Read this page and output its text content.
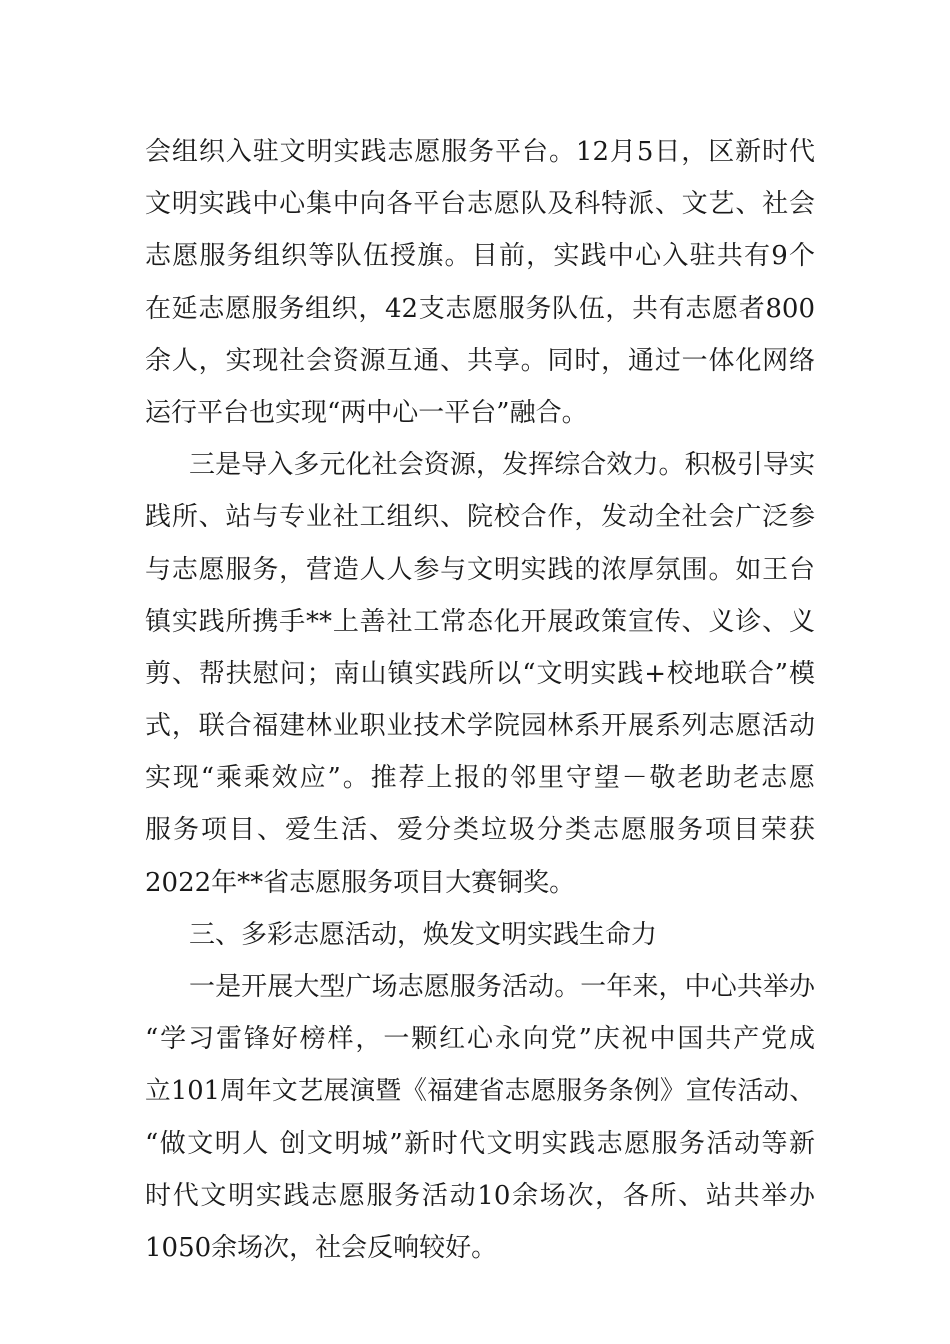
会组织入驻文明实践志愿服务平台。12月5日，区新时代
文明实践中心集中向各平台志愿队及科特派、文艺、社会
志愿服务组织等队伍授旗。目前，实践中心入驻共有9个
在延志愿服务组织，42支志愿服务队伍，共有志愿者800
余人，实现社会资源互通、共享。同时，通过一体化网络
运行平台也实现“两中心一平台”融合。
三是导入多元化社会资源，发挥综合效力。积极引导实
践所、站与专业社工组织、院校合作，发动全社会广泛参
与志愿服务，营造人人参与文明实践的浓厚氛围。如王台
镇实践所携手**上善社工常态化开展政策宣传、义诊、义
剪、帮扶慰问；南山镇实践所以“文明实践+校地联合”模
式，联合福建林业职业技术学院园林系开展系列志愿活动
实现“乘乘效应”。推荐上报的邻里守望－敬老助老志愿
服务项目、爱生活、爱分类垃圾分类志愿服务项目荣获
2022年**省志愿服务项目大赛铜奖。
三、多彩志愿活动，焕发文明实践生命力
一是开展大型广场志愿服务活动。一年来，中心共举办
“学习雷锋好榜样，一颗红心永向党”庆祝中国共产党成
立101周年文艺展演暨《福建省志愿服务条例》宣传活动、
“做文明人 创文明城”新时代文明实践志愿服务活动等新
时代文明实践志愿服务活动10余场次，各所、站共举办
1050余场次，社会反响较好。
